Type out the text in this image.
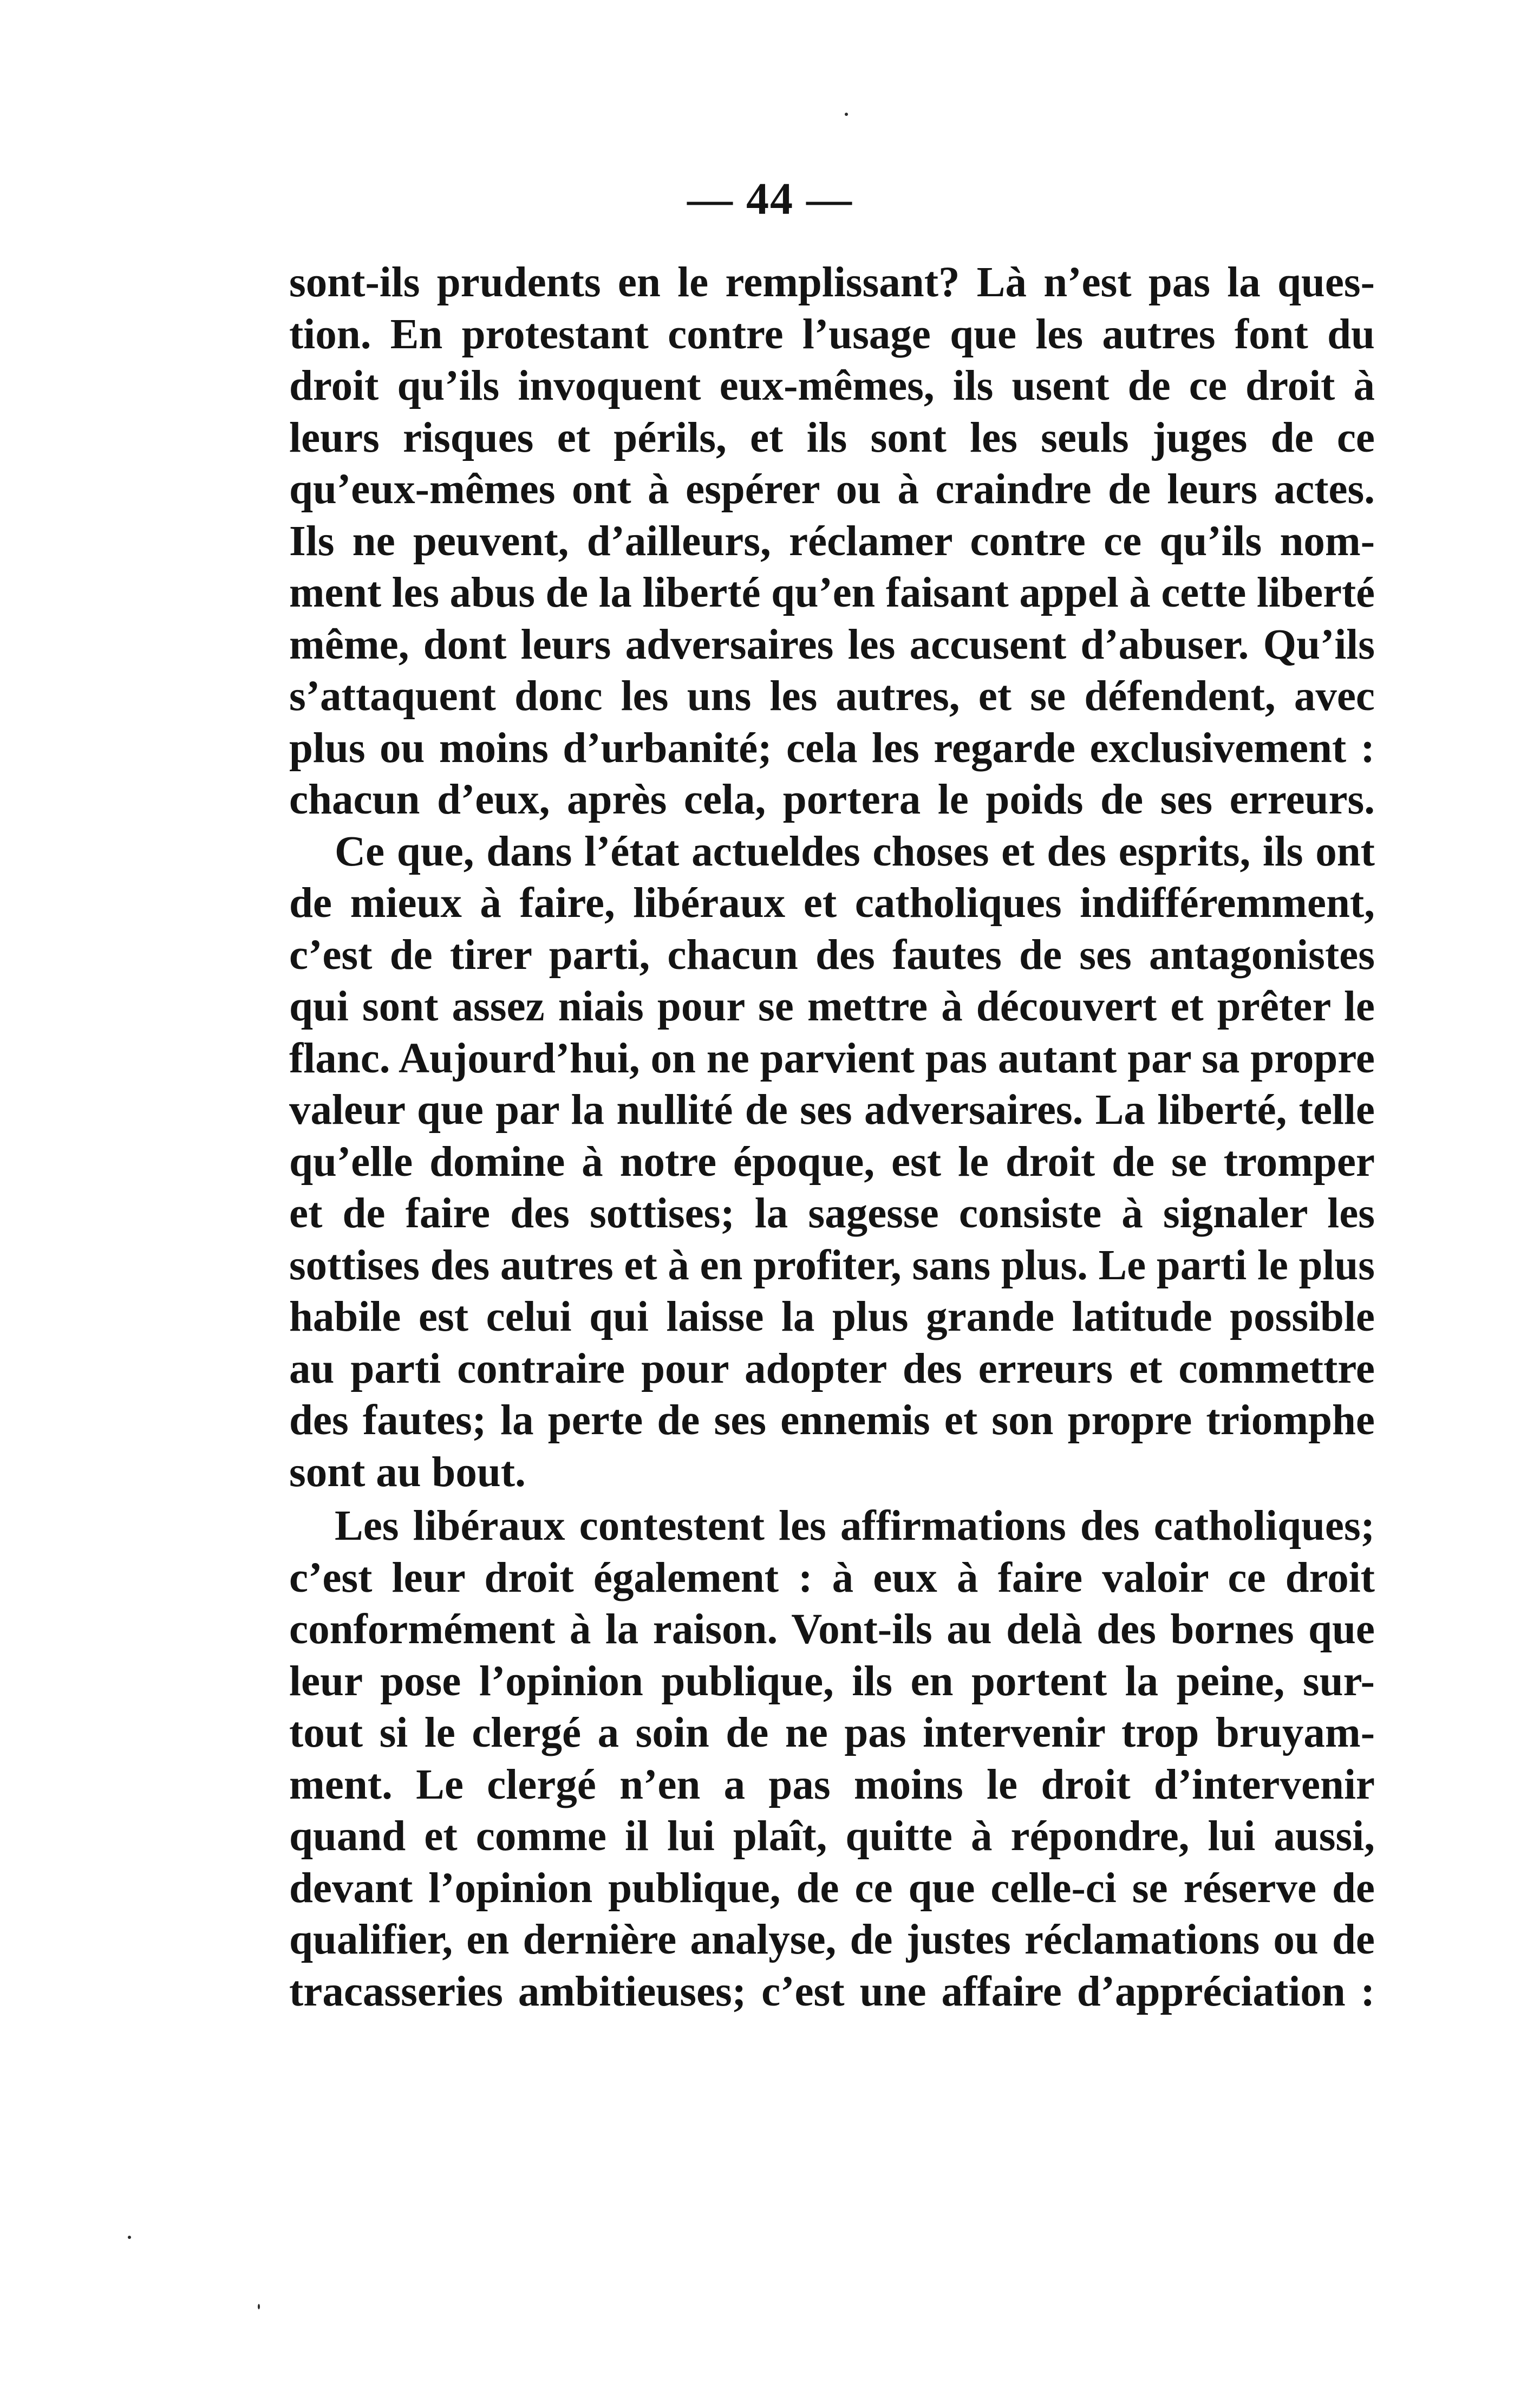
— 44 —
sont-ils prudents en le remplissant? Là n’est pas la ques-
tion. En protestant contre l’usage que les autres font du
droit qu’ils invoquent eux-mêmes, ils usent de ce droit à
leurs risques et périls, et ils sont les seuls juges de ce
qu’eux-mêmes ont à espérer ou à craindre de leurs actes.
Ils ne peuvent, d’ailleurs, réclamer contre ce qu’ils nom-
ment les abus de la liberté qu’en faisant appel à cette liberté
même, dont leurs adversaires les accusent d’abuser. Qu’ils
s’attaquent donc les uns les autres, et se défendent, avec
plus ou moins d’urbanité; cela les regarde exclusivement :
chacun d’eux, après cela, portera le poids de ses erreurs.
Ce que, dans l’état actueldes choses et des esprits, ils ont
de mieux à faire, libéraux et catholiques indifféremment,
c’est de tirer parti, chacun des fautes de ses antagonistes
qui sont assez niais pour se mettre à découvert et prêter le
flanc. Aujourd’hui, on ne parvient pas autant par sa propre
valeur que par la nullité de ses adversaires. La liberté, telle
qu’elle domine à notre époque, est le droit de se tromper
et de faire des sottises; la sagesse consiste à signaler les
sottises des autres et à en profiter, sans plus. Le parti le plus
habile est celui qui laisse la plus grande latitude possible
au parti contraire pour adopter des erreurs et commettre
des fautes; la perte de ses ennemis et son propre triomphe
sont au bout.
Les libéraux contestent les affirmations des catholiques;
c’est leur droit également : à eux à faire valoir ce droit
conformément à la raison. Vont-ils au delà des bornes que
leur pose l’opinion publique, ils en portent la peine, sur-
tout si le clergé a soin de ne pas intervenir trop bruyam-
ment. Le clergé n’en a pas moins le droit d’intervenir
quand et comme il lui plaît, quitte à répondre, lui aussi,
devant l’opinion publique, de ce que celle-ci se réserve de
qualifier, en dernière analyse, de justes réclamations ou de
tracasseries ambitieuses; c’est une affaire d’appréciation :
